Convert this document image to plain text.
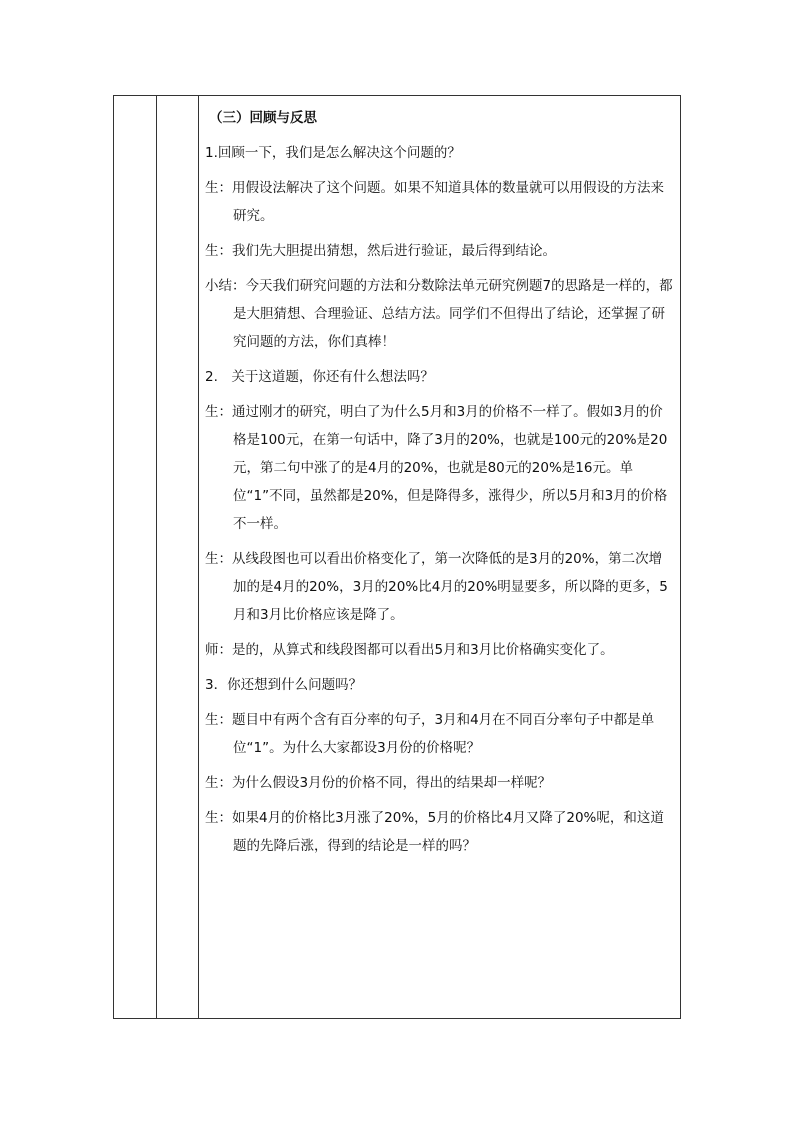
（三）回顾与反思
1.回顾一下，我们是怎么解决这个问题的？
生：用假设法解决了这个问题。如果不知道具体的数量就可以用假设的方法来研究。
生：我们先大胆提出猜想，然后进行验证，最后得到结论。
小结：今天我们研究问题的方法和分数除法单元研究例题7的思路是一样的，都是大胆猜想、合理验证、总结方法。同学们不但得出了结论，还掌握了研究问题的方法，你们真棒！
2.　关于这道题，你还有什么想法吗？
生：通过刚才的研究，明白了为什么5月和3月的价格不一样了。假如3月的价格是100元，在第一句话中，降了3月的20%，也就是100元的20%是20元，第二句中涨了的是4月的20%，也就是80元的20%是16元。单位“1”不同，虽然都是20%，但是降得多，涨得少，所以5月和3月的价格不一样。
生：从线段图也可以看出价格变化了，第一次降低的是3月的20%，第二次增加的是4月的20%，3月的20%比4月的20%明显要多，所以降的更多，5月和3月比价格应该是降了。
师：是的，从算式和线段图都可以看出5月和3月比价格确实变化了。
3．你还想到什么问题吗？
生：题目中有两个含有百分率的句子，3月和4月在不同百分率句子中都是单位“1”。为什么大家都设3月份的价格呢？
生：为什么假设3月份的价格不同，得出的结果却一样呢？
生：如果4月的价格比3月涨了20%，5月的价格比4月又降了20%呢，和这道题的先降后涨，得到的结论是一样的吗？
